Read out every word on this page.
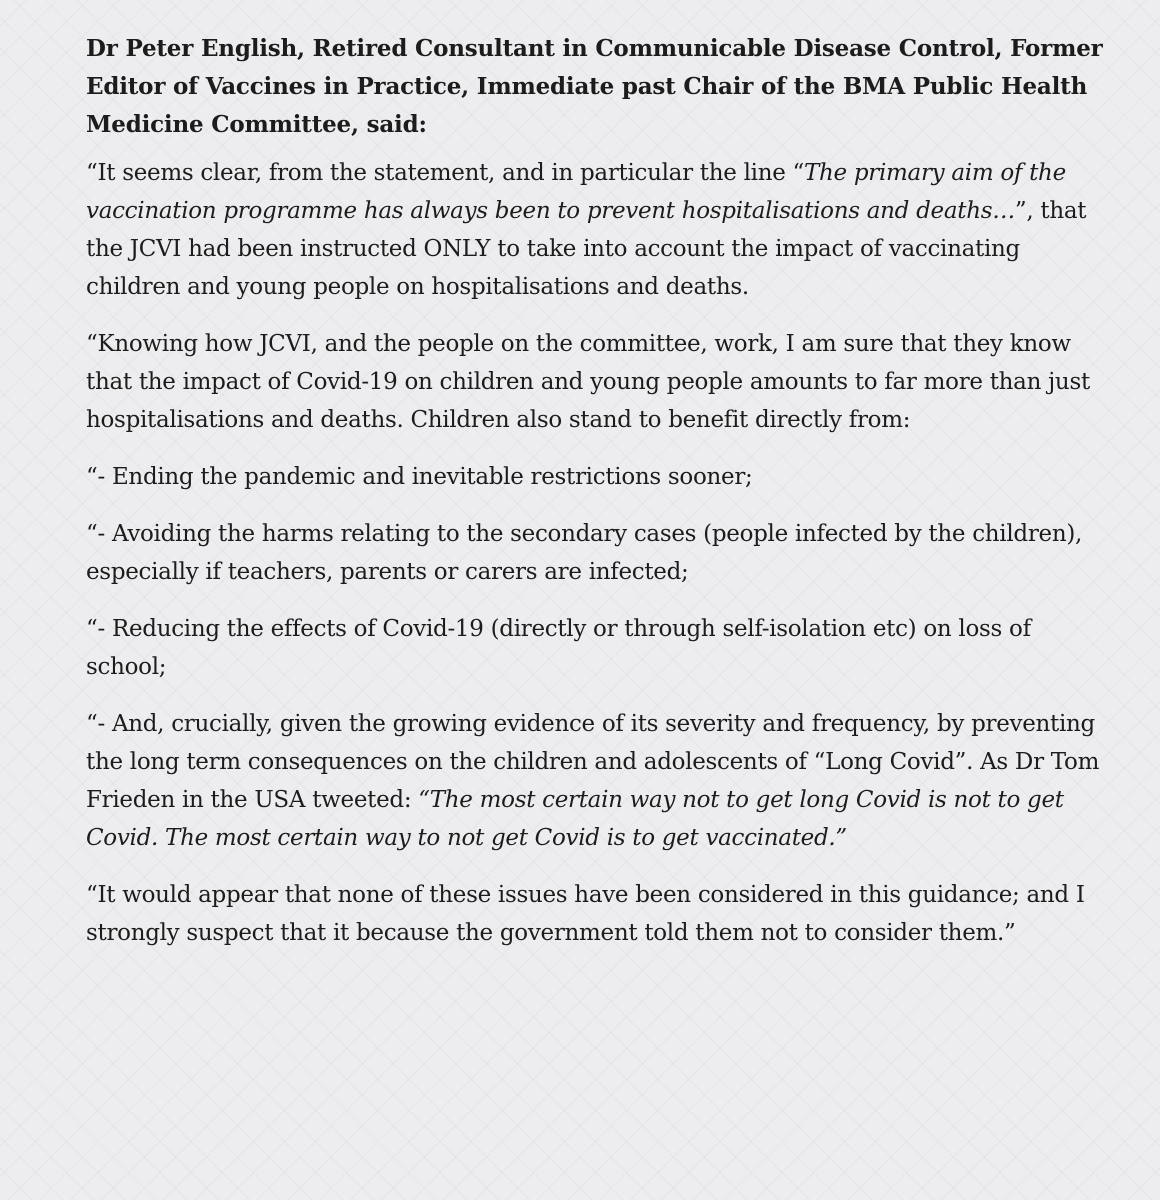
Dr Peter English, Retired Consultant in Communicable Disease Control, Former Editor of Vaccines in Practice, Immediate past Chair of the BMA Public Health Medicine Committee, said:

“It seems clear, from the statement, and in particular the line “The primary aim of the vaccination programme has always been to prevent hospitalisations and deaths…”, that the JCVI had been instructed ONLY to take into account the impact of vaccinating children and young people on hospitalisations and deaths.

“Knowing how JCVI, and the people on the committee, work, I am sure that they know that the impact of Covid-19 on children and young people amounts to far more than just hospitalisations and deaths. Children also stand to benefit directly from:

“- Ending the pandemic and inevitable restrictions sooner;

“- Avoiding the harms relating to the secondary cases (people infected by the children), especially if teachers, parents or carers are infected;

“- Reducing the effects of Covid-19 (directly or through self-isolation etc) on loss of school;

“- And, crucially, given the growing evidence of its severity and frequency, by preventing the long term consequences on the children and adolescents of “Long Covid”. As Dr Tom Frieden in the USA tweeted: “The most certain way not to get long Covid is not to get Covid. The most certain way to not get Covid is to get vaccinated.”

“It would appear that none of these issues have been considered in this guidance; and I strongly suspect that it because the government told them not to consider them.”
